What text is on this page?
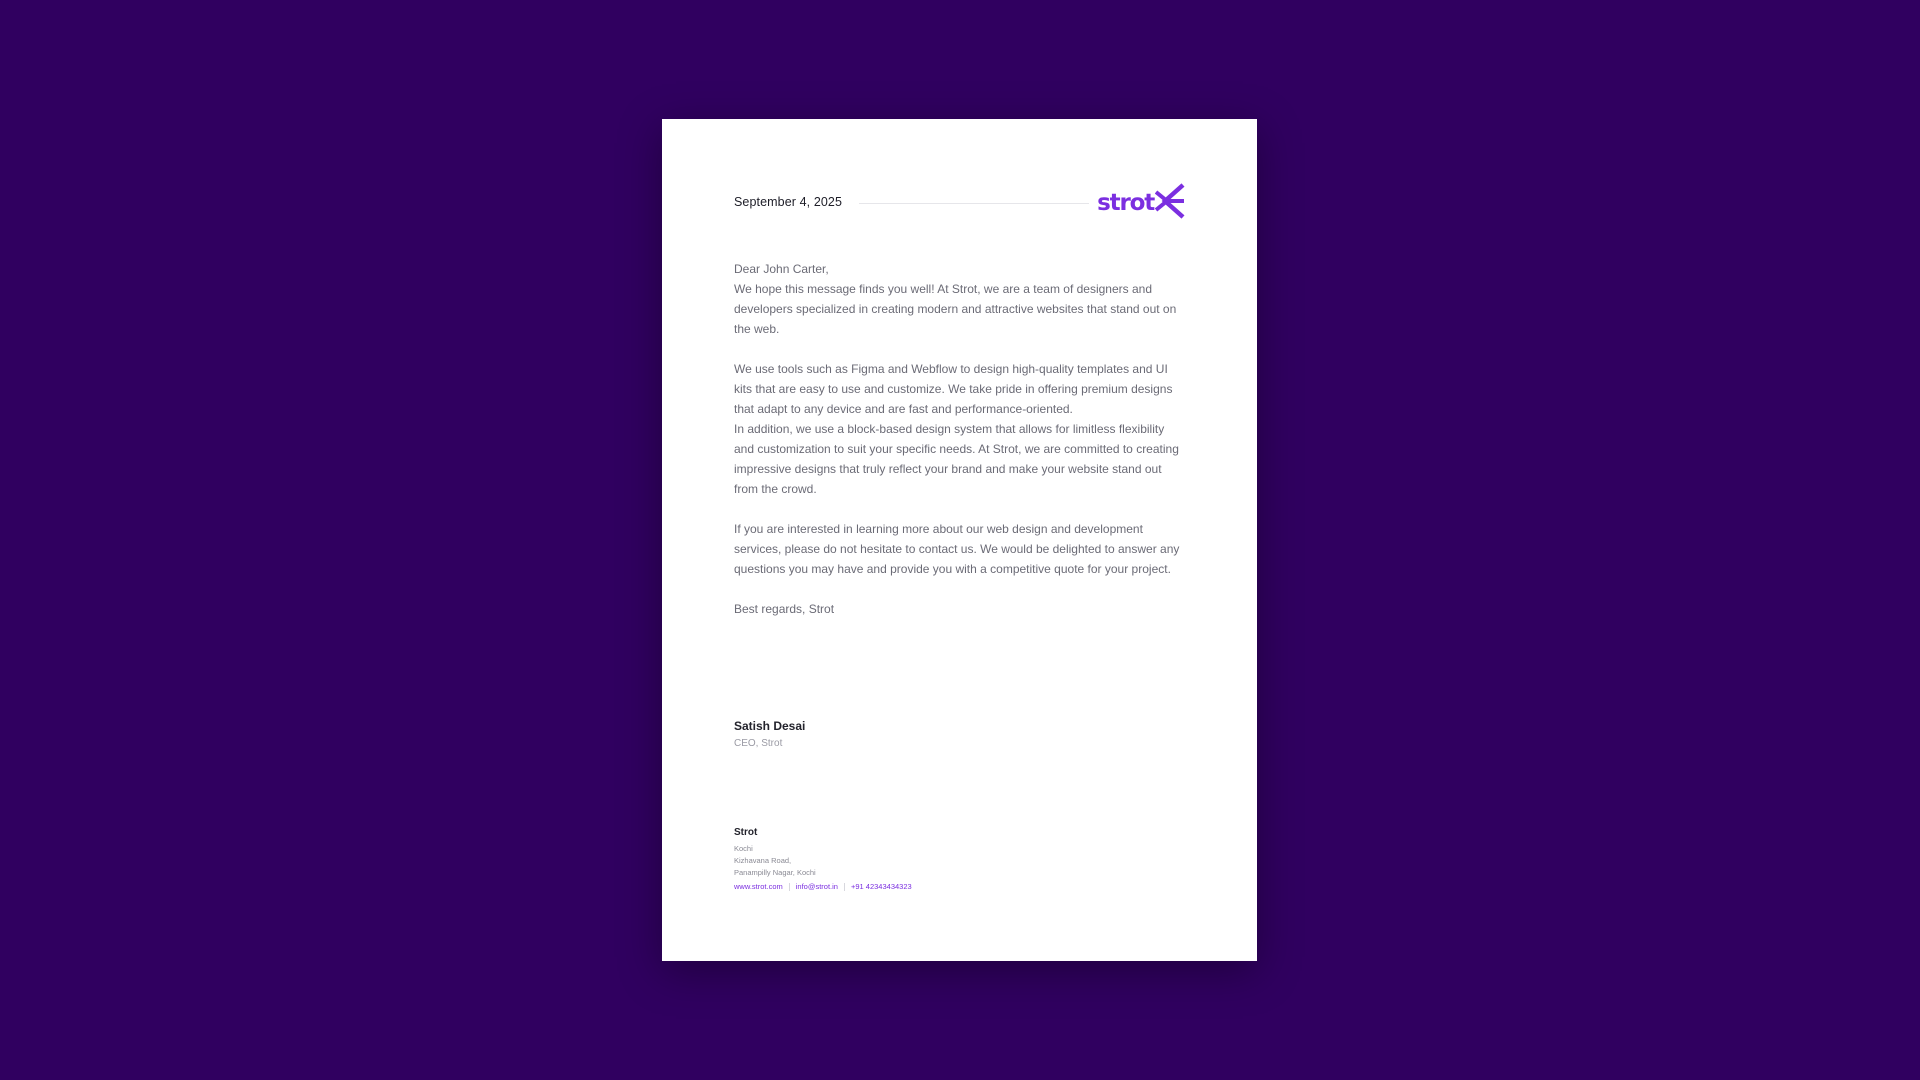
September 4, 2025	strot

Dear John Carter,

We hope this message finds you well! At Strot, we are a team of designers and developers specialized in creating modern and attractive websites that stand out on the web.

We use tools such as Figma and Webflow to design high-quality templates and UI kits that are easy to use and customize. We take pride in offering premium designs that adapt to any device and are fast and performance-oriented.

In addition, we use a block-based design system that allows for limitless flexibility and customization to suit your specific needs. At Strot, we are committed to creating impressive designs that truly reflect your brand and make your website stand out from the crowd.

If you are interested in learning more about our web design and development services, please do not hesitate to contact us. We would be delighted to answer any questions you may have and provide you with a competitive quote for your project.

Best regards, Strot

Satish Desai
CEO, Strot
Strot
Kochi
Kizhavana Road,
Panampilly Nagar, Kochi
www.strot.com info@strot.in +91 42343434323
